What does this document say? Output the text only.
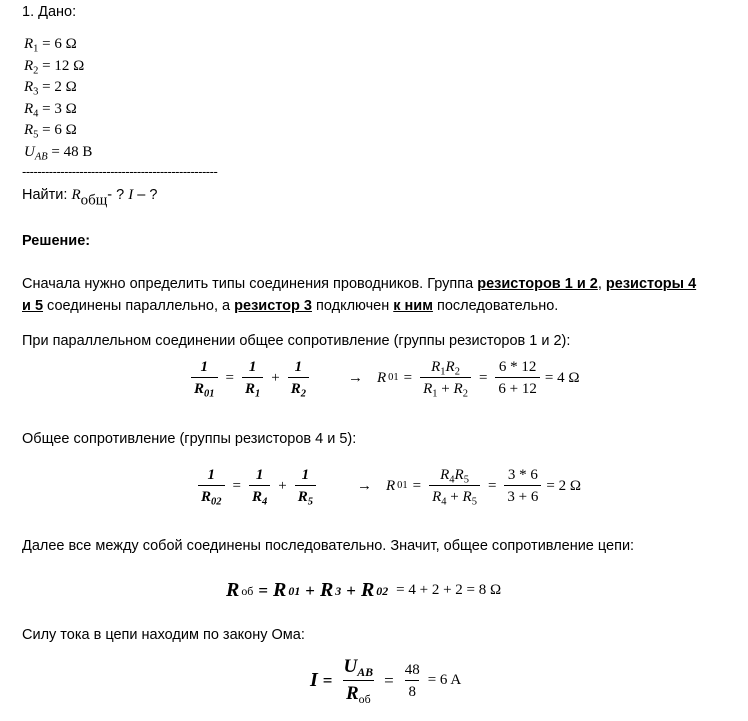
1. Дано:
$R_1 = 6$ Ω
$R_2 = 12$ Ω
$R_3 = 2$ Ω
$R_4 = 3$ Ω
$R_5 = 6$ Ω
$U_{AB} = 48$ В
---------------------------------------------------
Найти: $R_{общ}-$ ? I – ?
Решение:
Сначала нужно определить типы соединения проводников. Группа резисторов 1 и 2, резисторы 4
и 5 соединены параллельно, а резистор 3 подключен к ним последовательно.
При параллельном соединении общее сопротивление (группы резисторов 1 и 2):
$\frac{1}{R_{01}} = \frac{1}{R_1} + \frac{1}{R_2}$	→ R $01 = \frac{R_1R_2}{R_1 + R_2} = \frac{6 * 12}{6 + 12} = 4$ Ω
Общее сопротивление (группы резисторов 4 и 5):
$\frac{1}{R_{02}} = \frac{1}{R_4} + \frac{1}{R_5}$	→ R $01 = \frac{R_4R_5}{R_4 + R_5} = \frac{3 * 6}{3 + 6} = 2$ Ω
Далее все между собой соединены последовательно. Значит, общее сопротивление цепи:
R об = R 01 + R 3 + R 02 = 4 + 2 + 2 = 8 Ω
Силу тока в цепи находим по закону Ома:
$I = \frac{U_{AB}}{R_{об}} = \frac{48}{8} = 6$ A
